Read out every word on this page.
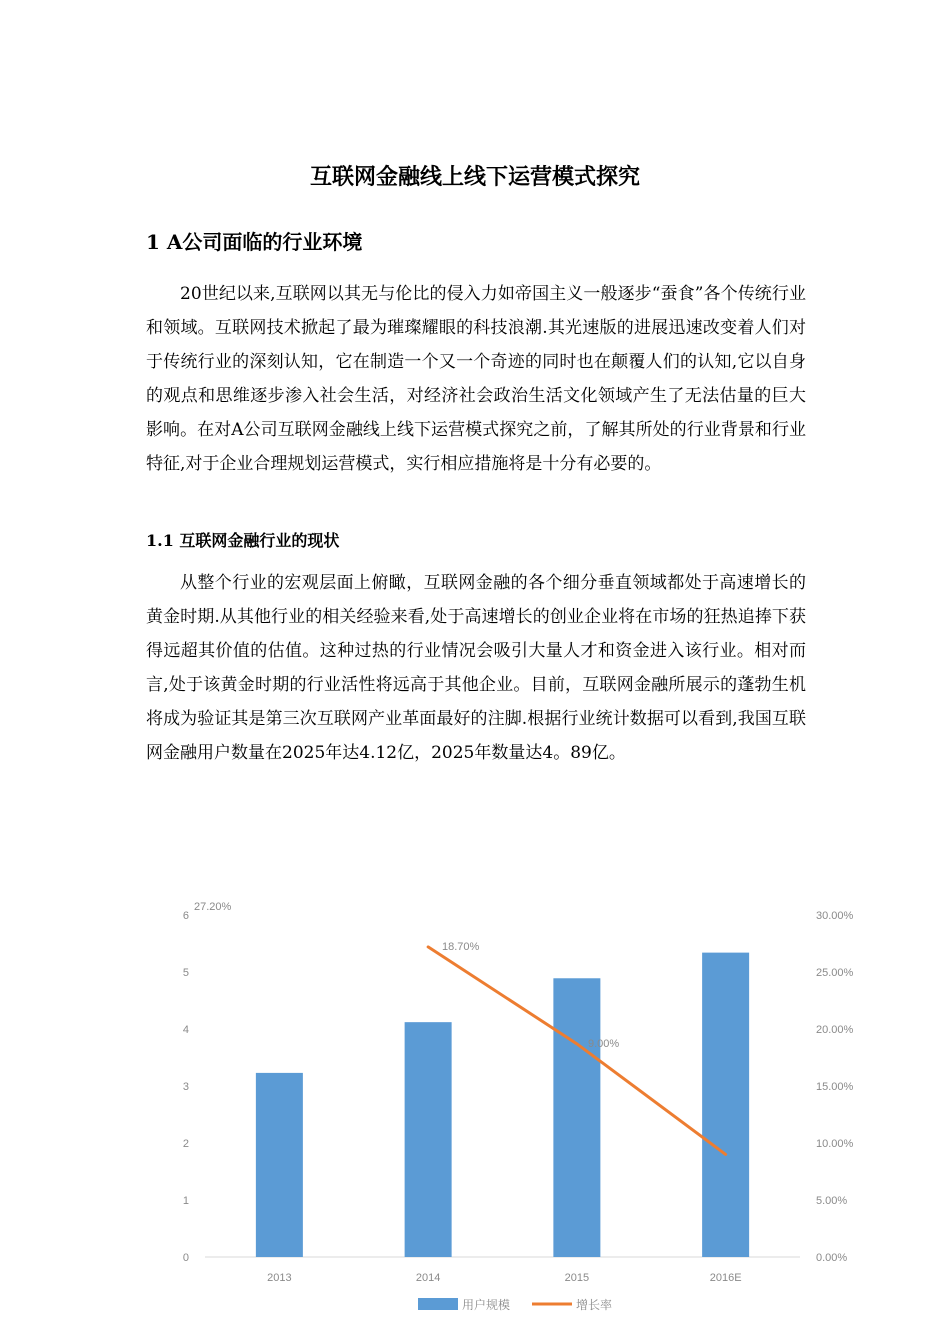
互联网金融线上线下运营模式探究
1 A公司面临的行业环境

20世纪以来,互联网以其无与伦比的侵入力如帝国主义一般逐步“蚕食”各个传统行业和领域。互联网技术掀起了最为璀璨耀眼的科技浪潮.其光速版的进展迅速改变着人们对于传统行业的深刻认知，它在制造一个又一个奇迹的同时也在颠覆人们的认知,它以自身的观点和思维逐步渗入社会生活，对经济社会政治生活文化领域产生了无法估量的巨大影响。在对A公司互联网金融线上线下运营模式探究之前，了解其所处的行业背景和行业特征,对于企业合理规划运营模式，实行相应措施将是十分有必要的。

1.1 互联网金融行业的现状

从整个行业的宏观层面上俯瞰，互联网金融的各个细分垂直领域都处于高速增长的黄金时期.从其他行业的相关经验来看,处于高速增长的创业企业将在市场的狂热追捧下获得远超其价值的估值。这种过热的行业情况会吸引大量人才和资金进入该行业。相对而言,处于该黄金时期的行业活性将远高于其他企业。目前，互联网金融所展示的蓬勃生机将成为验证其是第三次互联网产业革面最好的注脚.根据行业统计数据可以看到,我国互联网金融用户数量在2025年达4.12亿，2025年数量达4。89亿。

0
1
2
3
4
5
6
0.00%
5.00%
10.00%
15.00%
20.00%
25.00%
30.00%
2013	2014	2015	2016E
27.20%
18.70%
9.00%
用户规模	增长率
